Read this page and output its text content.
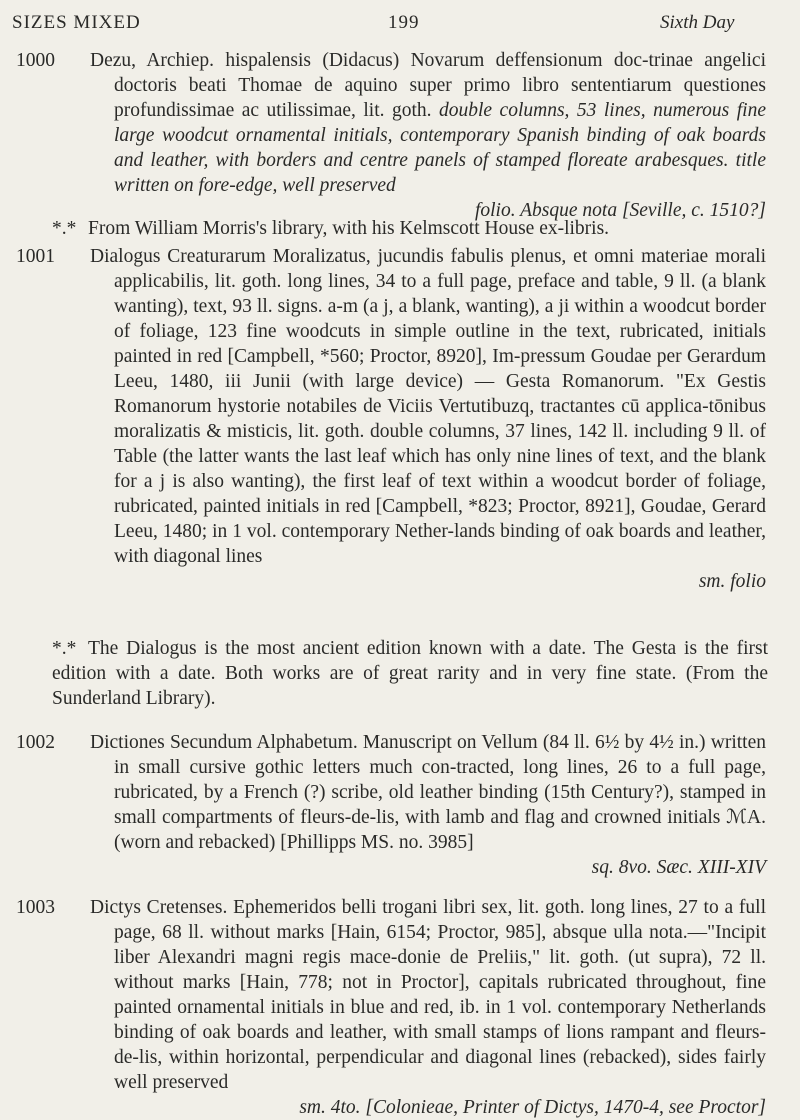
SIZES MIXED	199	Sixth Day
1000 Dezu, Archiep. hispalensis (Didacus) Novarum deffensionum doc-trinae angelici doctoris beati Thomae de aquino super primo libro sententiarum questiones profundissimae ac utilissimae, lit. goth. double columns, 53 lines, numerous fine large woodcut ornamental initials, contemporary Spanish binding of oak boards and leather, with borders and centre panels of stamped floreate arabesques. title written on fore-edge, well preserved
folio. Absque nota [Seville, c. 1510?]
*.* From William Morris's library, with his Kelmscott House ex-libris.
1001 Dialogus Creaturarum Moralizatus, jucundis fabulis plenus, et omni materiae morali applicabilis, lit. goth. long lines, 34 to a full page, preface and table, 9 ll. (a blank wanting), text, 93 ll. signs. a-m (a j, a blank, wanting), a ji within a woodcut border of foliage, 123 fine woodcuts in simple outline in the text, rubricated, initials painted in red [Campbell, *560; Proctor, 8920], Im-pressum Goudae per Gerardum Leeu, 1480, iii Junii (with large device) — Gesta Romanorum. "Ex Gestis Romanorum hystorie notabiles de Viciis Vertutibuzq, tractantes cū applica-tōnibus moralizatis & misticis, lit. goth. double columns, 37 lines, 142 ll. including 9 ll. of Table (the latter wants the last leaf which has only nine lines of text, and the blank for a j is also wanting), the first leaf of text within a woodcut border of foliage, rubricated, painted initials in red [Campbell, *823; Proctor, 8921], Goudae, Gerard Leeu, 1480; in 1 vol. contemporary Nether-lands binding of oak boards and leather, with diagonal lines
sm. folio
*.* The Dialogus is the most ancient edition known with a date. The Gesta is the first edition with a date. Both works are of great rarity and in very fine state. (From the Sunderland Library).
1002 Dictiones Secundum Alphabetum. Manuscript on Vellum (84 ll. 6½ by 4½ in.) written in small cursive gothic letters much con-tracted, long lines, 26 to a full page, rubricated, by a French (?) scribe, old leather binding (15th Century?), stamped in small compartments of fleurs-de-lis, with lamb and flag and crowned initials ℳA. (worn and rebacked) [Phillipps MS. no. 3985]
sq. 8vo. Sæc. XIII-XIV
1003 Dictys Cretenses. Ephemeridos belli trogani libri sex, lit. goth. long lines, 27 to a full page, 68 ll. without marks [Hain, 6154; Proctor, 985], absque ulla nota.—"Incipit liber Alexandri magni regis mace-donie de Preliis," lit. goth. (ut supra), 72 ll. without marks [Hain, 778; not in Proctor], capitals rubricated throughout, fine painted ornamental initials in blue and red, ib. in 1 vol. contemporary Netherlands binding of oak boards and leather, with small stamps of lions rampant and fleurs-de-lis, within horizontal, perpendicular and diagonal lines (rebacked), sides fairly well preserved
sm. 4to. [Colonieae, Printer of Dictys, 1470-4, see Proctor]
